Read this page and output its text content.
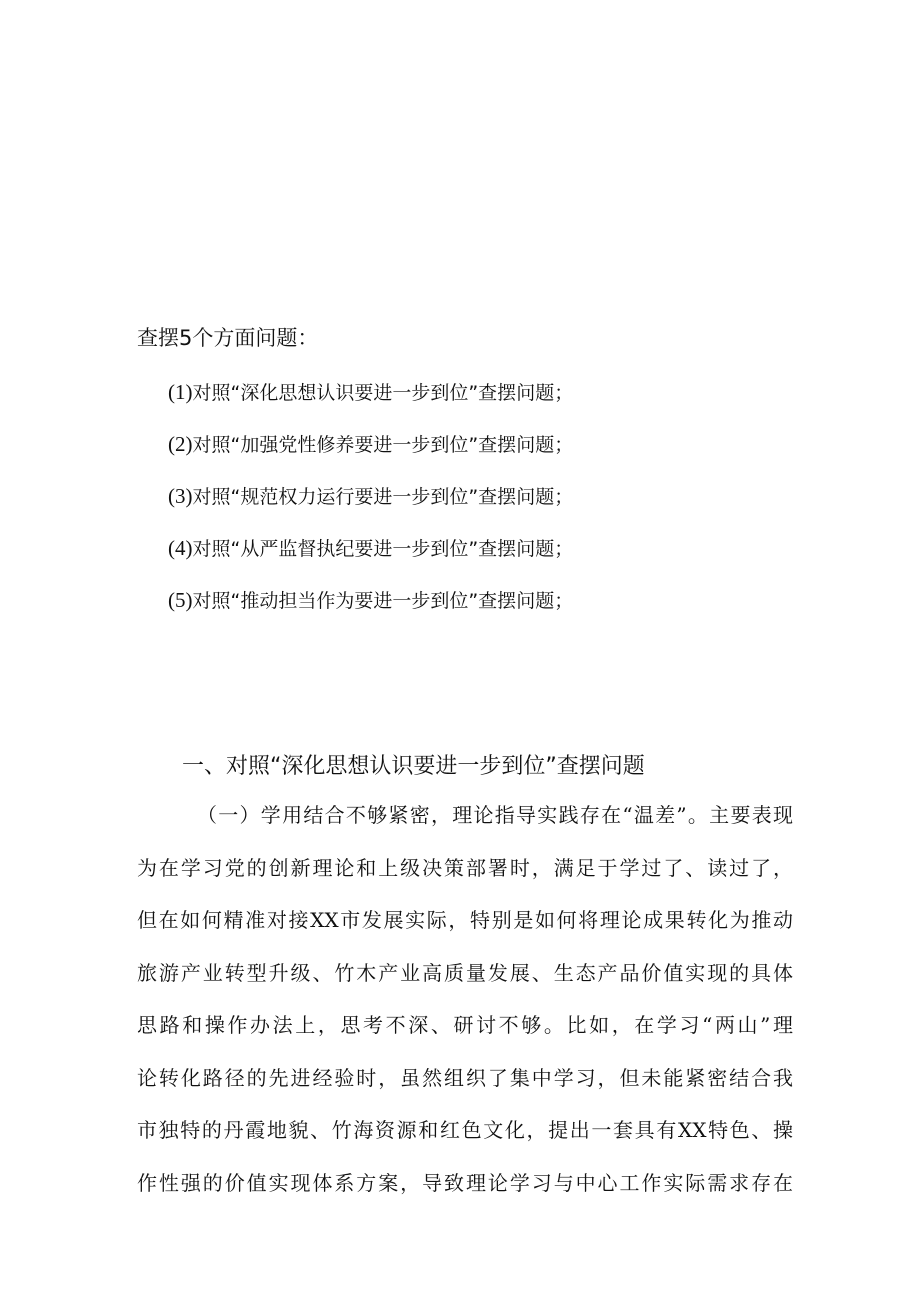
查摆5个方面问题：
(1)对照“深化思想认识要进一步到位”查摆问题；
(2)对照“加强党性修养要进一步到位”查摆问题；
(3)对照“规范权力运行要进一步到位”查摆问题；
(4)对照“从严监督执纪要进一步到位”查摆问题；
(5)对照“推动担当作为要进一步到位”查摆问题；
一、对照“深化思想认识要进一步到位”查摆问题
（一）学用结合不够紧密，理论指导实践存在“温差”。主要表现
为在学习党的创新理论和上级决策部署时，满足于学过了、读过了，
但在如何精准对接XX市发展实际，特别是如何将理论成果转化为推动
旅游产业转型升级、竹木产业高质量发展、生态产品价值实现的具体
思路和操作办法上，思考不深、研讨不够。比如，在学习“两山”理
论转化路径的先进经验时，虽然组织了集中学习，但未能紧密结合我
市独特的丹霞地貌、竹海资源和红色文化，提出一套具有XX特色、操
作性强的价值实现体系方案，导致理论学习与中心工作实际需求存在
